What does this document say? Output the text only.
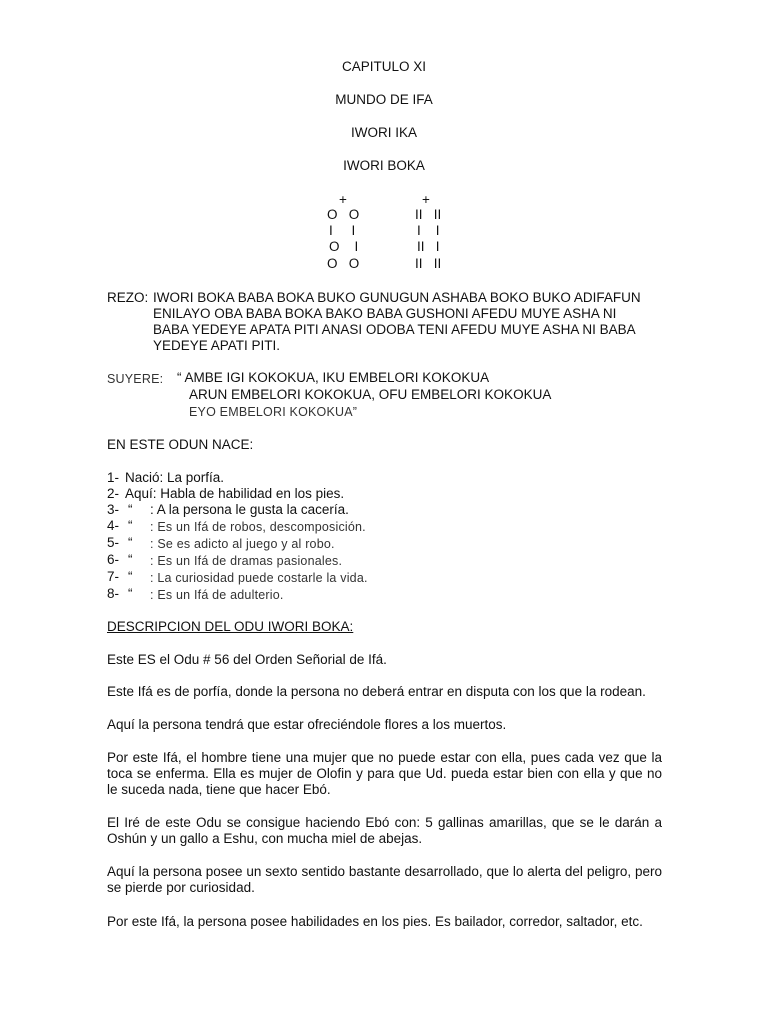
CAPITULO XI
MUNDO DE IFA
IWORI IKA
IWORI BOKA
+
O   O
I     I
O    I
O   O
+
II   II
I    I
II   I
II   II
REZO: IWORI BOKA BABA BOKA BUKO GUNUGUN ASHABA BOKO BUKO ADIFAFUN
ENILAYO OBA BABA BOKA BAKO BABA GUSHONI AFEDU MUYE ASHA NI
BABA YEDEYE APATA PITI ANASI ODOBA TENI AFEDU MUYE ASHA NI BABA
YEDEYE APATI PITI.
SUYERE: “ AMBE IGI KOKOKUA, IKU EMBELORI KOKOKUA
ARUN EMBELORI KOKOKUA, OFU EMBELORI KOKOKUA
EYO EMBELORI KOKOKUA”
EN ESTE ODUN NACE:
1- Nació: La porfía.
2- Aquí: Habla de habilidad en los pies.
3- “ : A la persona le gusta la cacería.
4- “ : Es un Ifá de robos, descomposición.
5- “ : Se es adicto al juego y al robo.
6- “ : Es un Ifá de dramas pasionales.
7- “ : La curiosidad puede costarle la vida.
8- “ : Es un Ifá de adulterio.
DESCRIPCION DEL ODU IWORI BOKA:
Este ES el Odu # 56 del Orden Señorial de Ifá.
Este Ifá es de porfía, donde la persona no deberá entrar en disputa con los que la rodean.
Aquí la persona tendrá que estar ofreciéndole flores a los muertos.
Por este Ifá, el hombre tiene una mujer que no puede estar con ella, pues cada vez que la toca se enferma. Ella es mujer de Olofin y para que Ud. pueda estar bien con ella y que no le suceda nada, tiene que hacer Ebó.
El Iré de este Odu se consigue haciendo Ebó con: 5 gallinas amarillas, que se le darán a Oshún y un gallo a Eshu, con mucha miel de abejas.
Aquí la persona posee un sexto sentido bastante desarrollado, que lo alerta del peligro, pero se pierde por curiosidad.
Por este Ifá, la persona posee habilidades en los pies. Es bailador, corredor, saltador, etc.
